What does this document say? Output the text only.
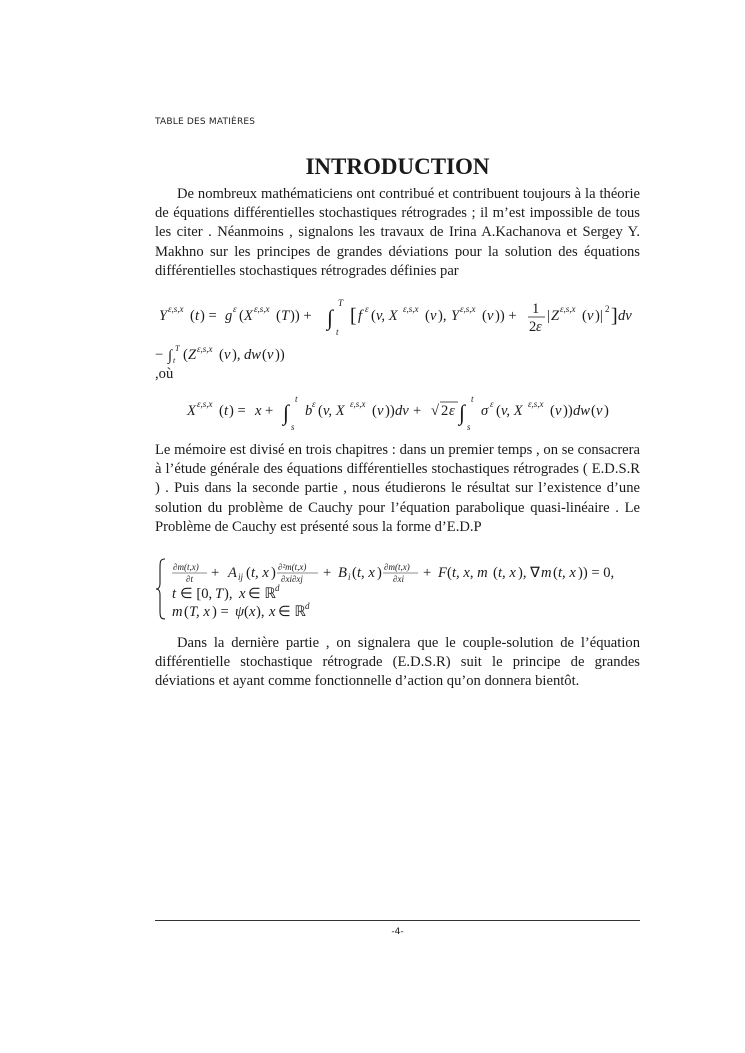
TABLE DES MATIÈRES
INTRODUCTION

De nombreux mathématiciens ont contribué et contribuent toujours à la théorie de équations différentielles stochastiques rétrogrades ; il m’est impossible de tous les citer . Néanmoins , signalons les travaux de Irina A.Kachanova et Sergey Y. Makhno sur les principes de grandes déviations pour la solution des équations différentielles stochastiques rétrogrades définies par

Y ε,s,x ( t ) = g ε ( X ε,s,x ( T )) + ∫
T
t
[ f ε ( v, X ε,s,x ( v ), Y ε,s,x ( v )) + 1
2 ε
| Z ε,s,x ( v )| 2 ] dv
− ∫ T
t ( Z ε,s,x ( v ), dw ( v ))
,où
X ε,s,x ( t ) = x + ∫
t
s
b ε ( v, X ε,s,x ( v )) dv + √ 2 ε ∫
t
s
σ ε ( v, X ε,s,x ( v )) dw ( v )

Le mémoire est divisé en trois chapitres : dans un premier temps , on se consacrera à l’étude générale des équations différentielles stochastiques rétrogrades ( E.D.S.R ) . Puis dans la seconde partie , nous étudierons le résultat sur l’existence d’une solution du problème de Cauchy pour l’équation parabolique quasi-linéaire . Le Problème de Cauchy est présenté sous la forme d’E.D.P

∂m(t,x)
∂t + A ij ( t, x ) ∂²m(t,x)
∂xi∂xj + B i ( t, x ) ∂m(t,x)
∂xi + F ( t, x, m ( t, x ), ∇ m ( t, x )) = 0,
t ∈ [0, T ), x ∈ ℝ d
m ( T, x ) = ψ ( x ), x ∈ ℝ d

Dans la dernière partie , on signalera que le couple-solution de l’équation différentielle stochastique rétrograde (E.D.S.R) suit le principe de grandes déviations et ayant comme fonctionnelle d’action qu’on donnera bientôt.

-4-
